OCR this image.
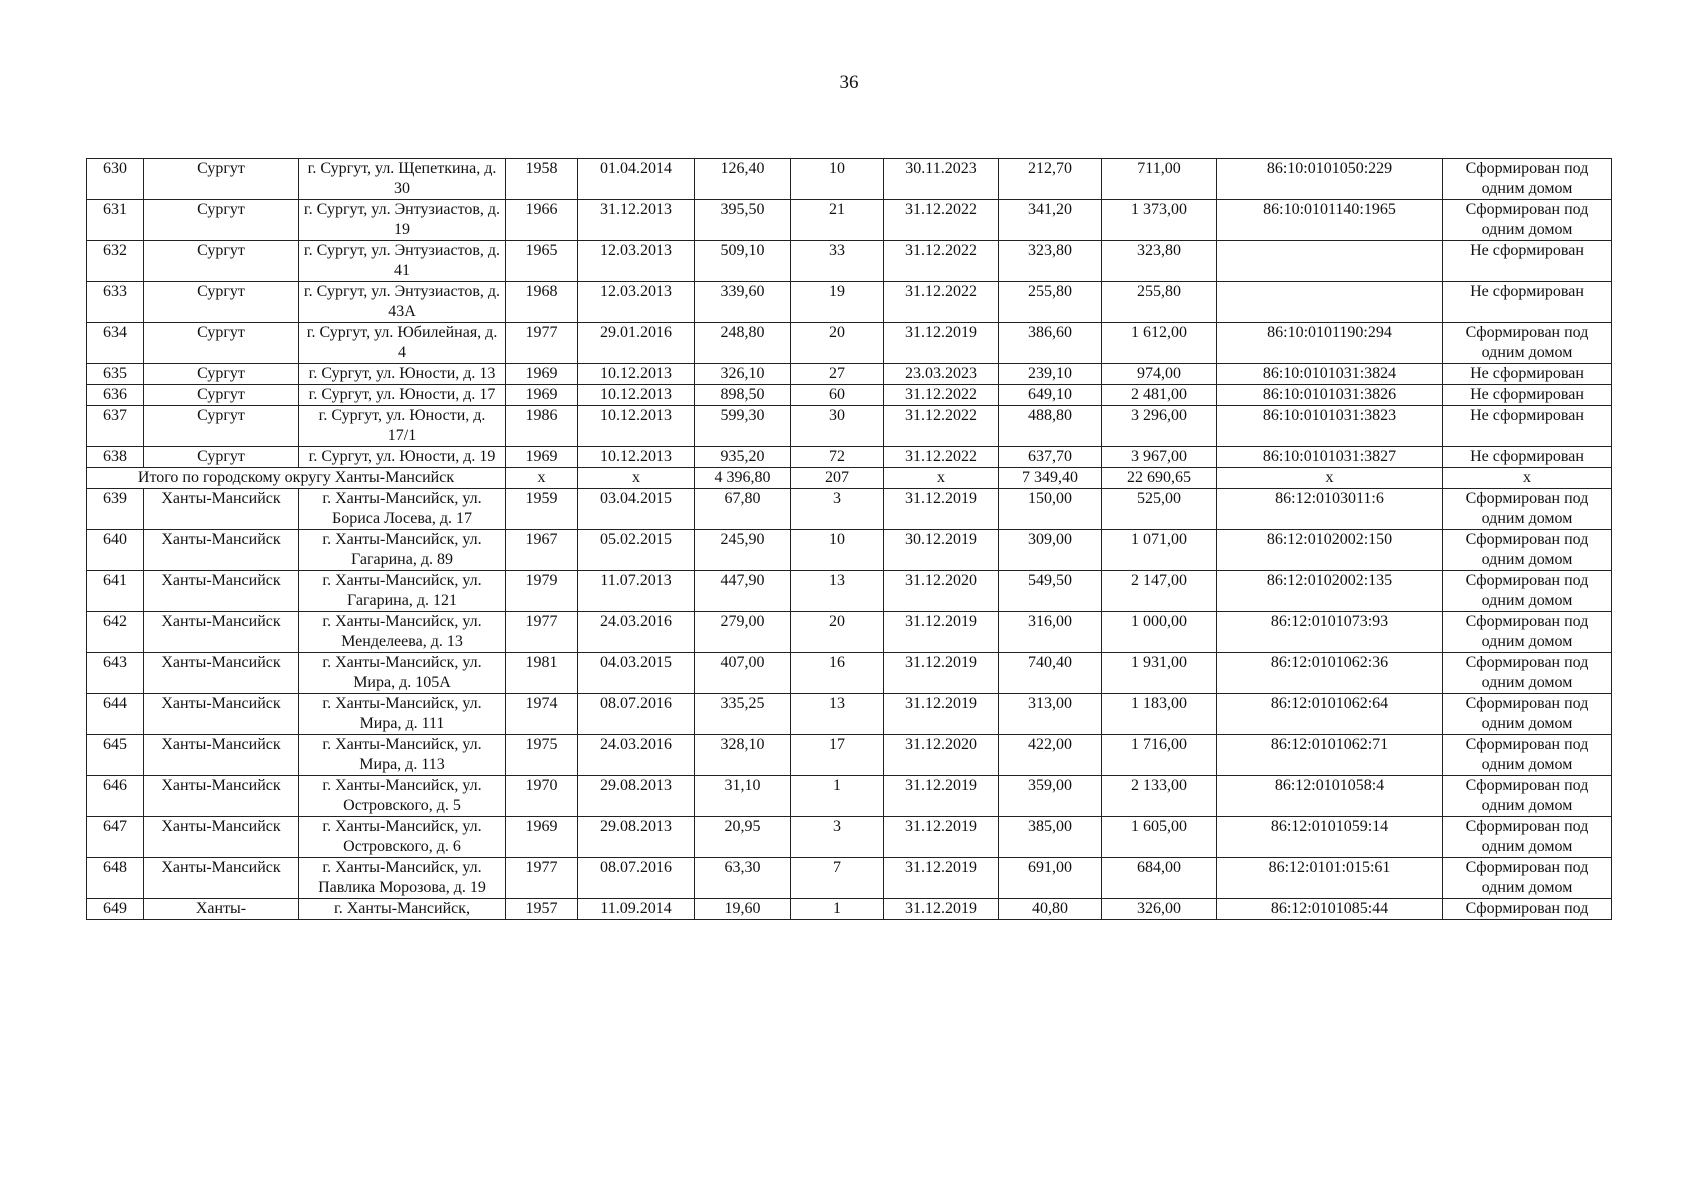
36
630	Сургут	г. Сургут, ул. Щепеткина, д. 30	1958	01.04.2014	126,40	10	30.11.2023	212,70	711,00	86:10:0101050:229	Сформирован под одним домом
631	Сургут	г. Сургут, ул. Энтузиастов, д. 19	1966	31.12.2013	395,50	21	31.12.2022	341,20	1 373,00	86:10:0101140:1965	Сформирован под одним домом
632	Сургут	г. Сургут, ул. Энтузиастов, д. 41	1965	12.03.2013	509,10	33	31.12.2022	323,80	323,80		Не сформирован
633	Сургут	г. Сургут, ул. Энтузиастов, д. 43А	1968	12.03.2013	339,60	19	31.12.2022	255,80	255,80		Не сформирован
634	Сургут	г. Сургут, ул. Юбилейная, д. 4	1977	29.01.2016	248,80	20	31.12.2019	386,60	1 612,00	86:10:0101190:294	Сформирован под одним домом
635	Сургут	г. Сургут, ул. Юности, д. 13	1969	10.12.2013	326,10	27	23.03.2023	239,10	974,00	86:10:0101031:3824	Не сформирован
636	Сургут	г. Сургут, ул. Юности, д. 17	1969	10.12.2013	898,50	60	31.12.2022	649,10	2 481,00	86:10:0101031:3826	Не сформирован
637	Сургут	г. Сургут, ул. Юности, д. 17/1	1986	10.12.2013	599,30	30	31.12.2022	488,80	3 296,00	86:10:0101031:3823	Не сформирован
638	Сургут	г. Сургут, ул. Юности, д. 19	1969	10.12.2013	935,20	72	31.12.2022	637,70	3 967,00	86:10:0101031:3827	Не сформирован
Итого по городскому округу Ханты-Мансийск			х	х	4 396,80	207	х	7 349,40	22 690,65	х	х
639	Ханты-Мансийск	г. Ханты-Мансийск, ул. Бориса Лосева, д. 17	1959	03.04.2015	67,80	3	31.12.2019	150,00	525,00	86:12:0103011:6	Сформирован под одним домом
640	Ханты-Мансийск	г. Ханты-Мансийск, ул. Гагарина, д. 89	1967	05.02.2015	245,90	10	30.12.2019	309,00	1 071,00	86:12:0102002:150	Сформирован под одним домом
641	Ханты-Мансийск	г. Ханты-Мансийск, ул. Гагарина, д. 121	1979	11.07.2013	447,90	13	31.12.2020	549,50	2 147,00	86:12:0102002:135	Сформирован под одним домом
642	Ханты-Мансийск	г. Ханты-Мансийск, ул. Менделеева, д. 13	1977	24.03.2016	279,00	20	31.12.2019	316,00	1 000,00	86:12:0101073:93	Сформирован под одним домом
643	Ханты-Мансийск	г. Ханты-Мансийск, ул. Мира, д. 105А	1981	04.03.2015	407,00	16	31.12.2019	740,40	1 931,00	86:12:0101062:36	Сформирован под одним домом
644	Ханты-Мансийск	г. Ханты-Мансийск, ул. Мира, д. 111	1974	08.07.2016	335,25	13	31.12.2019	313,00	1 183,00	86:12:0101062:64	Сформирован под одним домом
645	Ханты-Мансийск	г. Ханты-Мансийск, ул. Мира, д. 113	1975	24.03.2016	328,10	17	31.12.2020	422,00	1 716,00	86:12:0101062:71	Сформирован под одним домом
646	Ханты-Мансийск	г. Ханты-Мансийск, ул. Островского, д. 5	1970	29.08.2013	31,10	1	31.12.2019	359,00	2 133,00	86:12:0101058:4	Сформирован под одним домом
647	Ханты-Мансийск	г. Ханты-Мансийск, ул. Островского, д. 6	1969	29.08.2013	20,95	3	31.12.2019	385,00	1 605,00	86:12:0101059:14	Сформирован под одним домом
648	Ханты-Мансийск	г. Ханты-Мансийск, ул. Павлика Морозова, д. 19	1977	08.07.2016	63,30	7	31.12.2019	691,00	684,00	86:12:0101:015:61	Сформирован под одним домом
649	Ханты-	г. Ханты-Мансийск,	1957	11.09.2014	19,60	1	31.12.2019	40,80	326,00	86:12:0101085:44	Сформирован под
